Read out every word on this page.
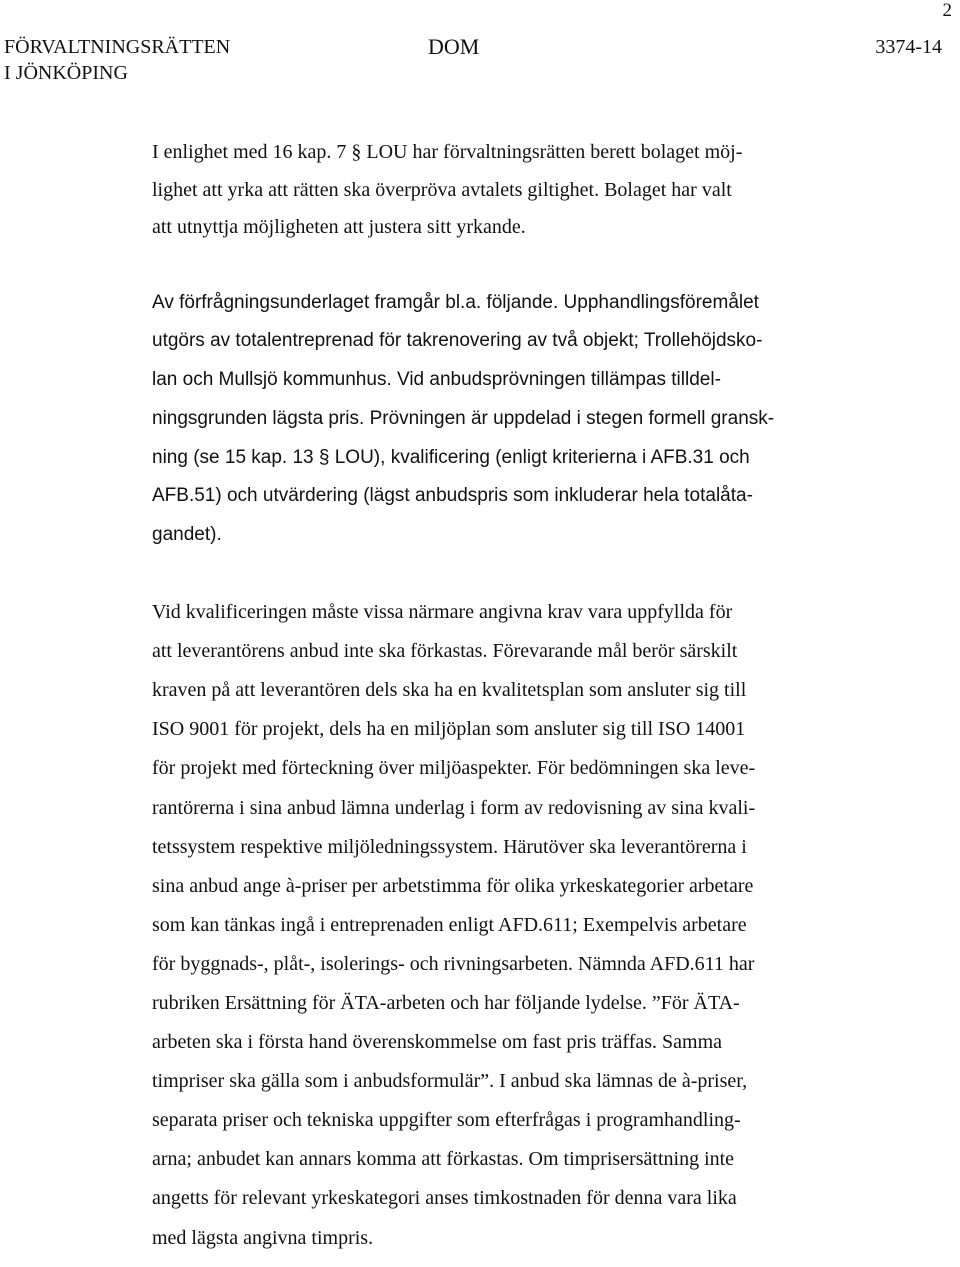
2
FÖRVALTNINGSRÄTTEN
I JÖNKÖPING
DOM	3374-14

I enlighet med 16 kap. 7 § LOU har förvaltningsrätten berett bolaget möj-
lighet att yrka att rätten ska överpröva avtalets giltighet. Bolaget har valt
att utnyttja möjligheten att justera sitt yrkande.

Av förfrågningsunderlaget framgår bl.a. följande. Upphandlingsföremålet
utgörs av totalentreprenad för takrenovering av två objekt; Trollehöjdsko-
lan och Mullsjö kommunhus. Vid anbudsprövningen tillämpas tilldel-
ningsgrunden lägsta pris. Prövningen är uppdelad i stegen formell gransk-
ning (se 15 kap. 13 § LOU), kvalificering (enligt kriterierna i AFB.31 och
AFB.51) och utvärdering (lägst anbudspris som inkluderar hela totalåta-
gandet).

Vid kvalificeringen måste vissa närmare angivna krav vara uppfyllda för
att leverantörens anbud inte ska förkastas. Förevarande mål berör särskilt
kraven på att leverantören dels ska ha en kvalitetsplan som ansluter sig till
ISO 9001 för projekt, dels ha en miljöplan som ansluter sig till ISO 14001
för projekt med förteckning över miljöaspekter. För bedömningen ska leve-
rantörerna i sina anbud lämna underlag i form av redovisning av sina kvali-
tetssystem respektive miljöledningssystem. Härutöver ska leverantörerna i
sina anbud ange à-priser per arbetstimma för olika yrkeskategorier arbetare
som kan tänkas ingå i entreprenaden enligt AFD.611; Exempelvis arbetare
för byggnads-, plåt-, isolerings- och rivningsarbeten. Nämnda AFD.611 har
rubriken Ersättning för ÄTA-arbeten och har följande lydelse. ”För ÄTA-
arbeten ska i första hand överenskommelse om fast pris träffas. Samma
timpriser ska gälla som i anbudsformulär”. I anbud ska lämnas de à-priser,
separata priser och tekniska uppgifter som efterfrågas i programhandling-
arna; anbudet kan annars komma att förkastas. Om timprisersättning inte
angetts för relevant yrkeskategori anses timkostnaden för denna vara lika
med lägsta angivna timpris.
